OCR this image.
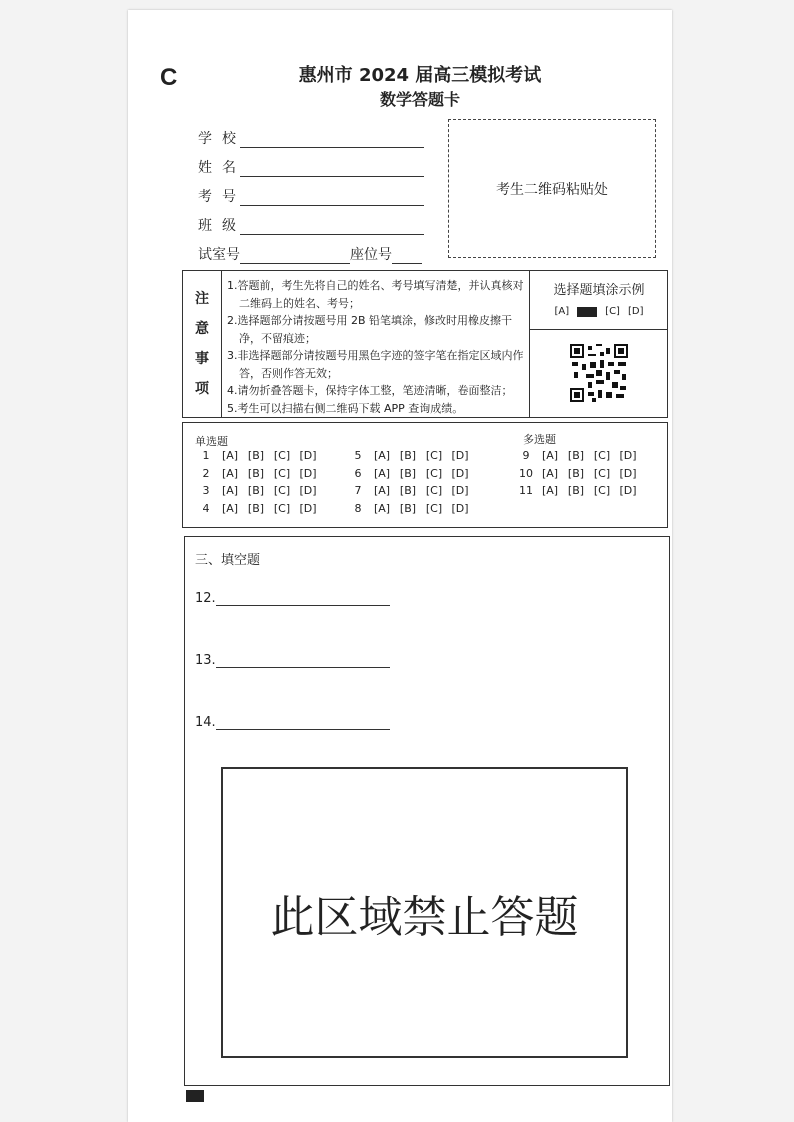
C	惠州市 2024 届高三模拟考试
数学答题卡
学校
姓名
考号
班级
试室号	座位号
考生二维码粘贴处
注
意
事
项
1.答题前，考生先将自己的姓名、考号填写清楚，并认真核对二维码上的姓名、考号；
2.选择题部分请按题号用 2B 铅笔填涂，修改时用橡皮擦干净，不留痕迹；
3.非选择题部分请按题号用黑色字迹的签字笔在指定区域内作答，否则作答无效；
4.请勿折叠答题卡，保持字体工整，笔迹清晰，卷面整洁；
5.考生可以扫描右侧二维码下载 APP 查询成绩。
选择题填涂示例
[A]	[C] [D]
单选题	多选题
1	[A] [B] [C] [D]
2	[A] [B] [C] [D]
3	[A] [B] [C] [D]
4	[A] [B] [C] [D]
5	[A] [B] [C] [D]
6	[A] [B] [C] [D]
7	[A] [B] [C] [D]
8	[A] [B] [C] [D]
9	[A] [B] [C] [D]
10 [A] [B] [C] [D]
11 [A] [B] [C] [D]
三、填空题
12.
13.
14.
此区域禁止答题
